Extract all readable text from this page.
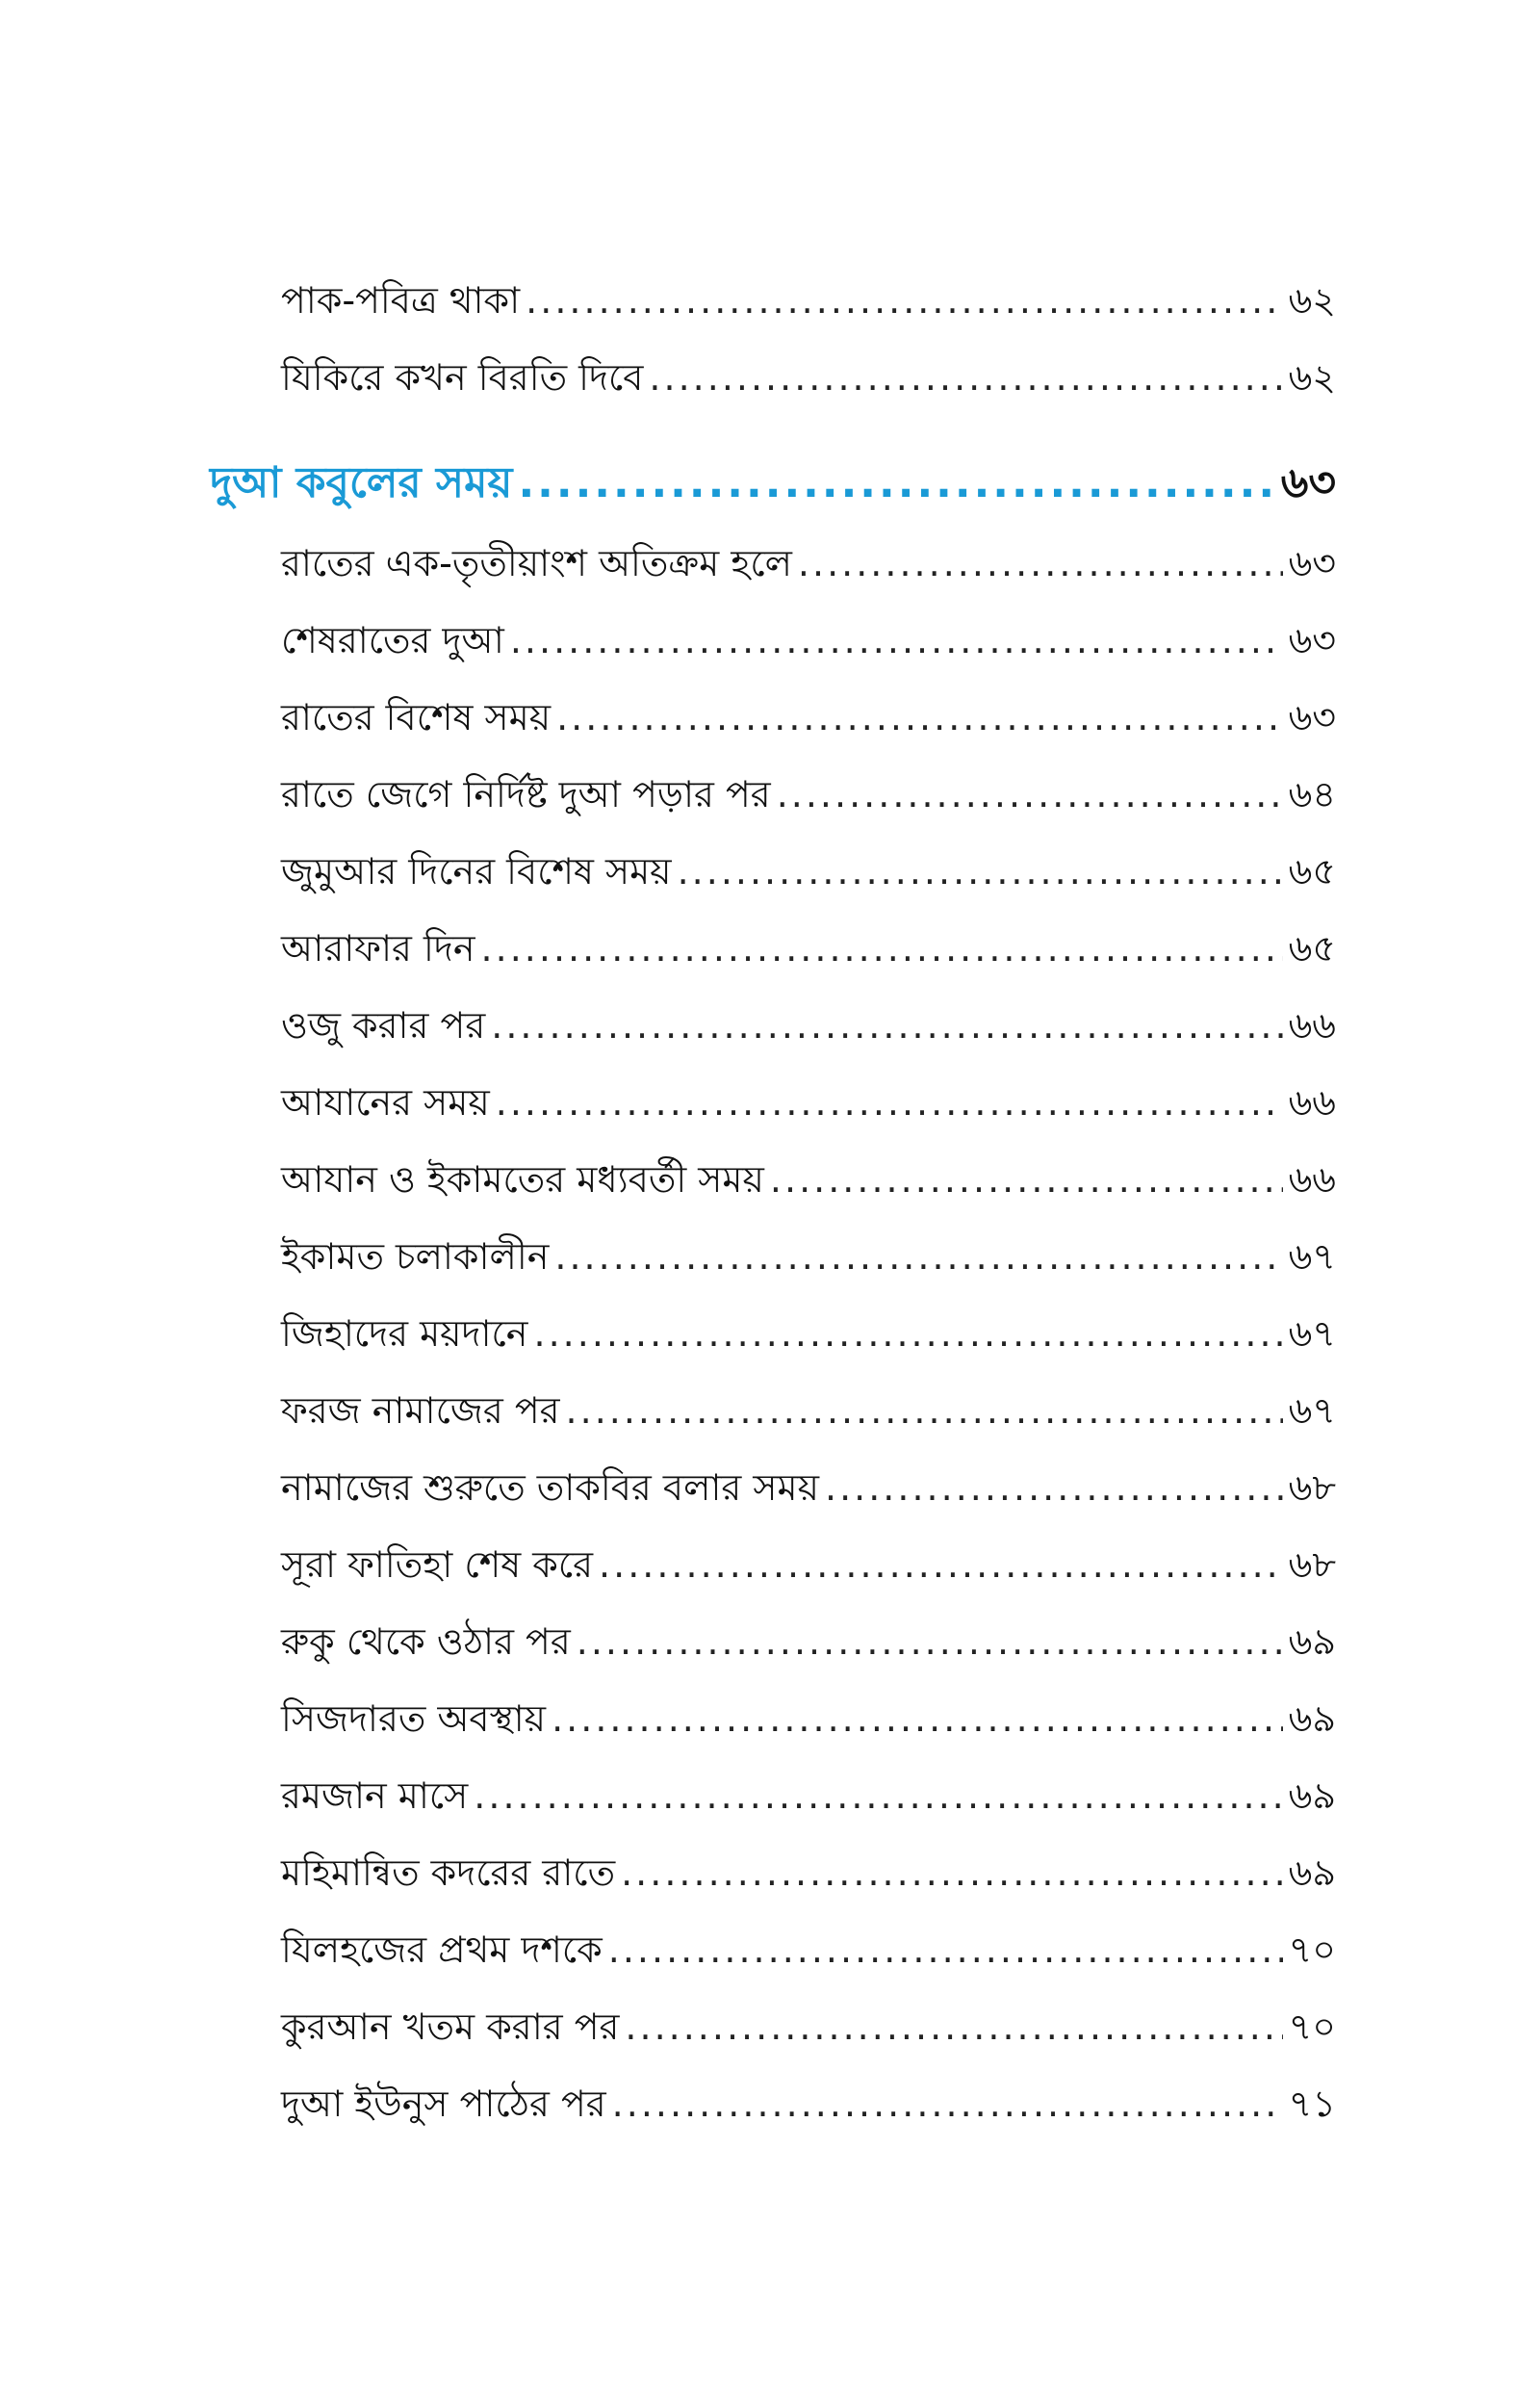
পাক-পবিত্র থাকা .....	৬২
যিকিরে কখন বিরতি দিবে .....	৬২
দুআ কবুলের সময় .....	৬৩
রাতের এক-তৃতীয়াংশ অতিক্রম হলে .....	৬৩
শেষরাতের দুআ .....	৬৩
রাতের বিশেষ সময় .....	৬৩
রাতে জেগে নির্দিষ্ট দুআ পড়ার পর .....	৬৪
জুমুআর দিনের বিশেষ সময় .....	৬৫
আরাফার দিন .....	৬৫
ওজু করার পর .....	৬৬
আযানের সময় .....	৬৬
আযান ও ইকামতের মধ্যবর্তী সময় .....	৬৬
ইকামত চলাকালীন .....	৬৭
জিহাদের ময়দানে .....	৬৭
ফরজ নামাজের পর .....	৬৭
নামাজের শুরুতে তাকবির বলার সময় .....	৬৮
সূরা ফাতিহা শেষ করে .....	৬৮
রুকু থেকে ওঠার পর .....	৬৯
সিজদারত অবস্থায় .....	৬৯
রমজান মাসে .....	৬৯
মহিমান্বিত কদরের রাতে .....	৬৯
যিলহজের প্রথম দশকে .....	৭০
কুরআন খতম করার পর .....	৭০
দুআ ইউনুস পাঠের পর .....	৭১
